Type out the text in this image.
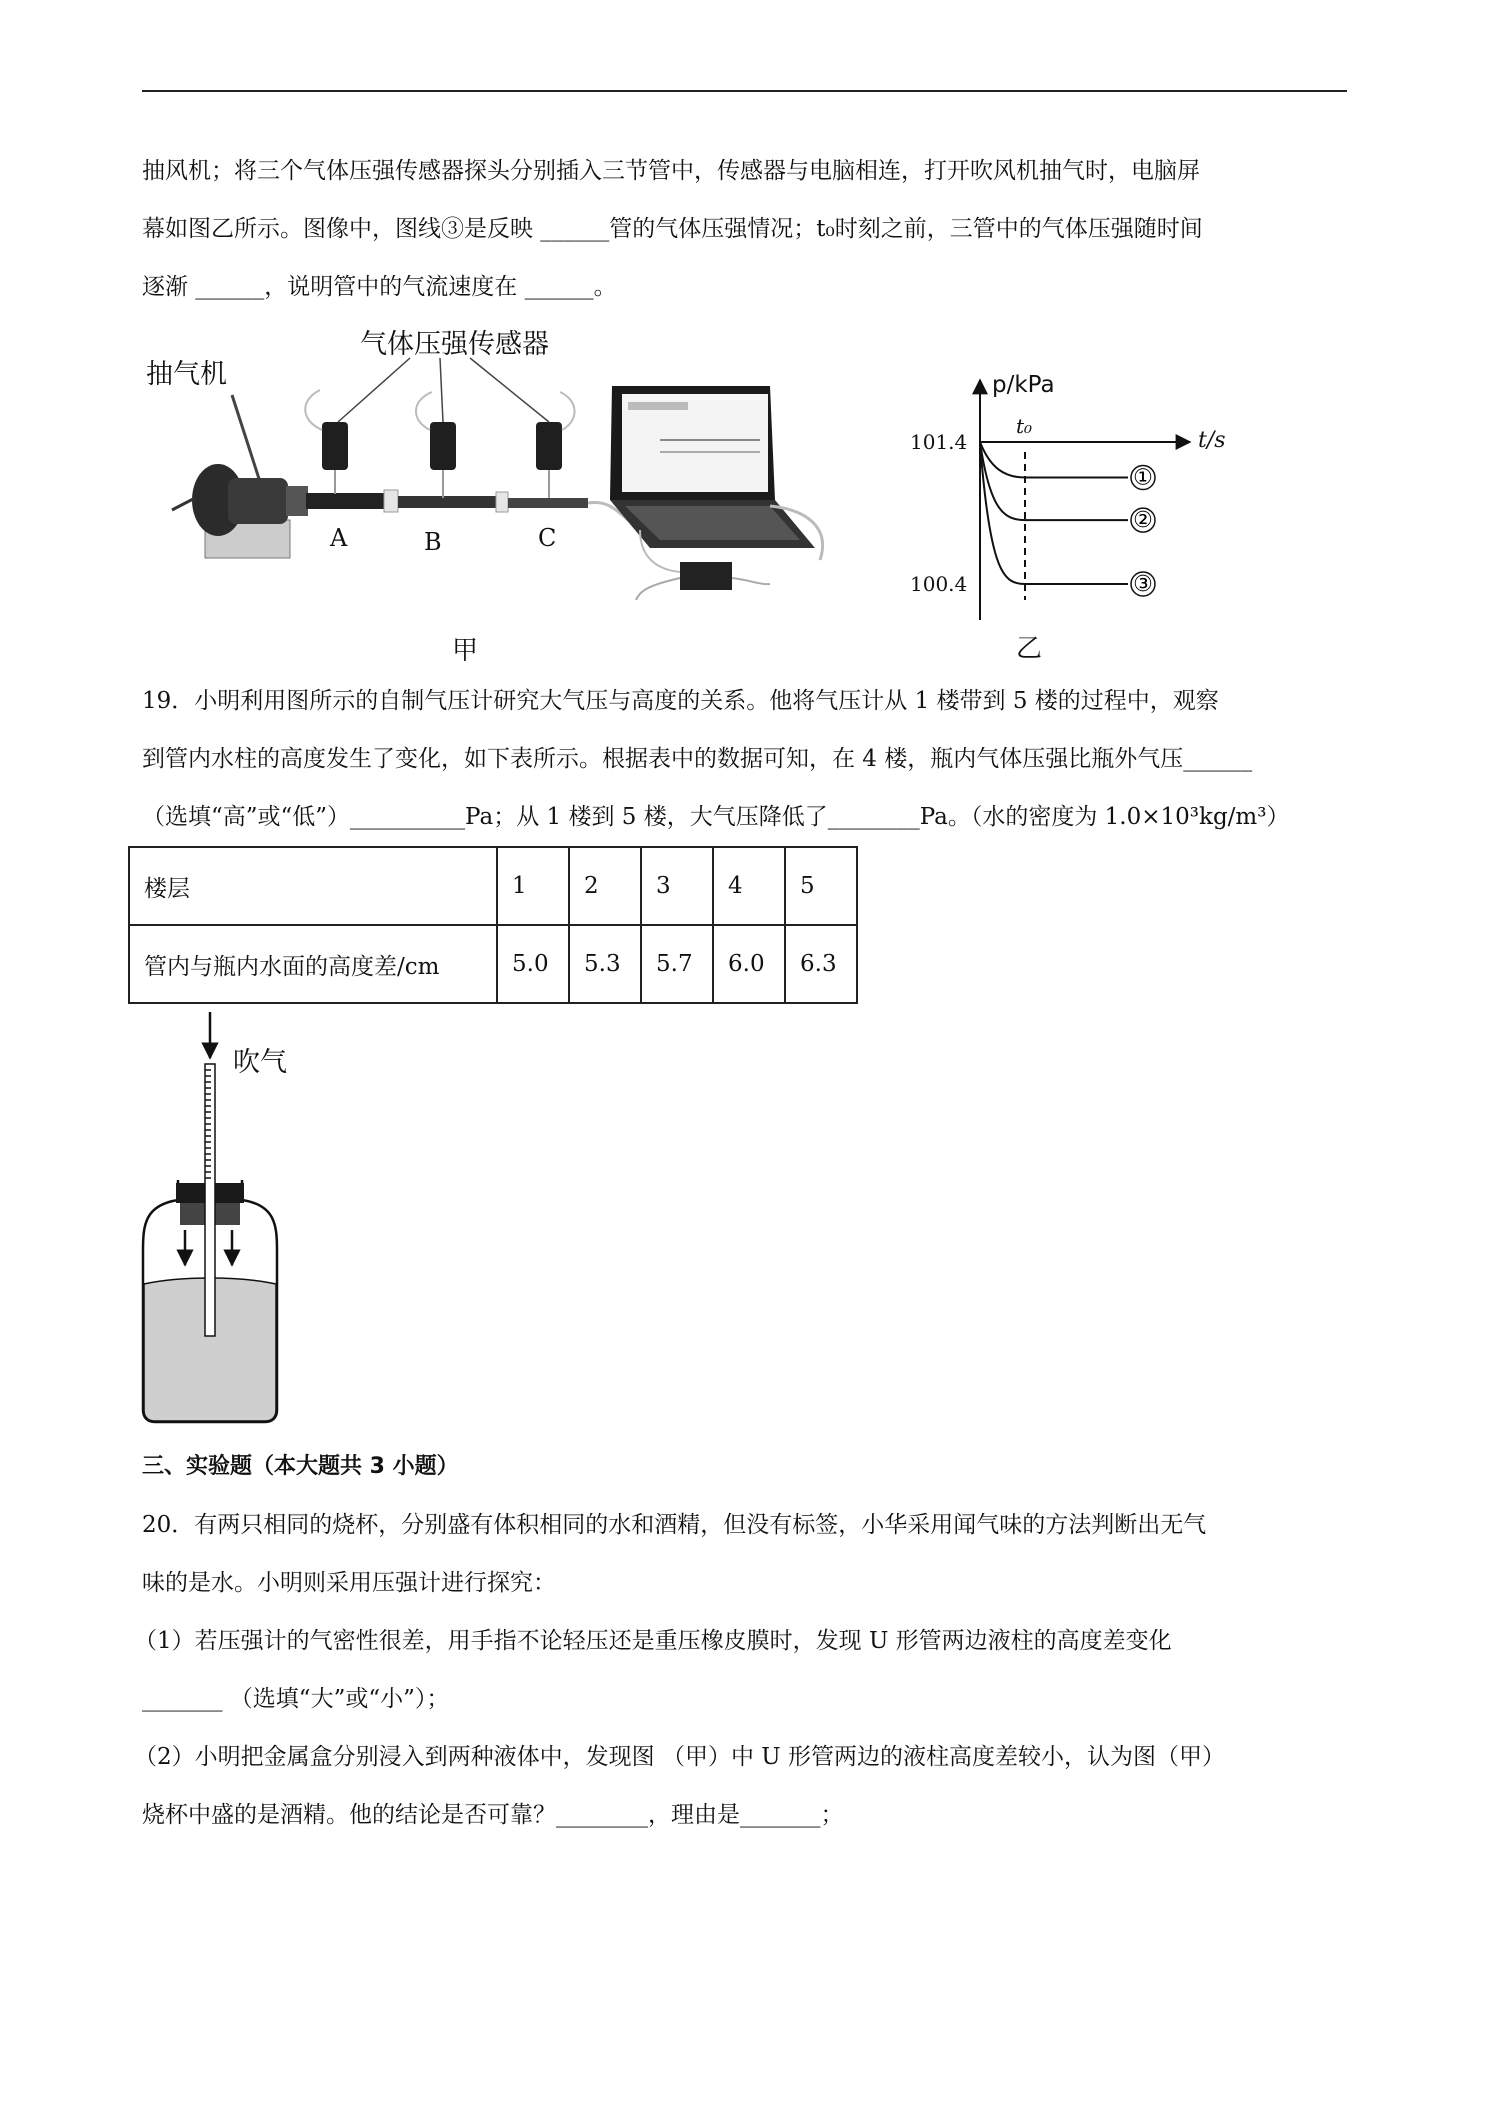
抽风机；将三个气体压强传感器探头分别插入三节管中，传感器与电脑相连，打开吹风机抽气时，电脑屏
幕如图乙所示。图像中，图线③是反映 ______管的气体压强情况；t₀时刻之前，三管中的气体压强随时间
逐渐 ______，说明管中的气流速度在 ______。
抽气机
气体压强传感器
A	B	C
甲
①
②
③
p/kPa
t/s
t₀
101.4
100.4
乙
19．小明利用图所示的自制气压计研究大气压与高度的关系。他将气压计从 1 楼带到 5 楼的过程中，观察
到管内水柱的高度发生了变化，如下表所示。根据表中的数据可知，在 4 楼，瓶内气体压强比瓶外气压______
（选填“高”或“低”）__________Pa；从 1 楼到 5 楼，大气压降低了________Pa。（水的密度为 1.0×10³kg/m³）
楼层	1	2	3	4	5
管内与瓶内水面的高度差/cm	5.0	5.3	5.7	6.0	6.3
吹气
三、实验题（本大题共 3 小题）
20．有两只相同的烧杯，分别盛有体积相同的水和酒精，但没有标签，小华采用闻气味的方法判断出无气
味的是水。小明则采用压强计进行探究：
（1）若压强计的气密性很差，用手指不论轻压还是重压橡皮膜时，发现 U 形管两边液柱的高度差变化
_______ （选填“大”或“小”）；
（2）小明把金属盒分别浸入到两种液体中，发现图 （甲）中 U 形管两边的液柱高度差较小，认为图（甲）
烧杯中盛的是酒精。他的结论是否可靠？________，理由是_______；
